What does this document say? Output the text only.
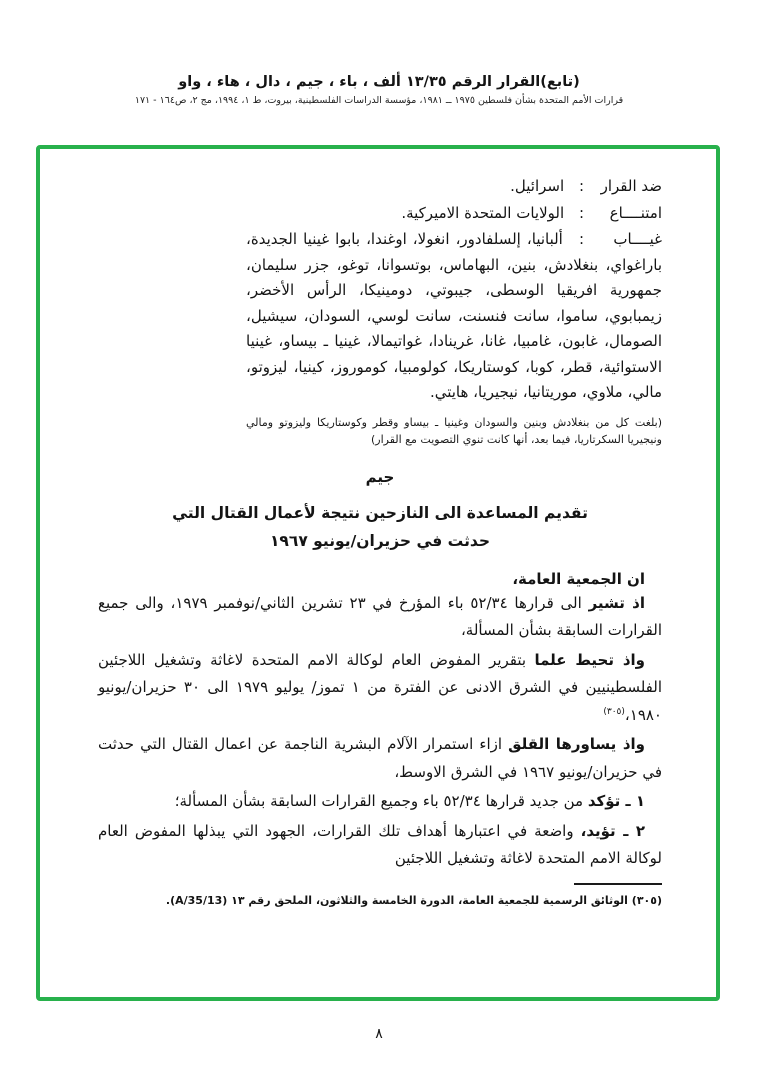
(تابع)القرار الرقم ١٣/٣٥ ألف ، باء ، جيم ، دال ، هاء ، واو
قرارات الأمم المتحدة بشأن فلسطين ١٩٧٥ ــ ١٩٨١، مؤسسة الدراسات الفلسطينية، بيروت، ط ١، ١٩٩٤، مج ٢، ص١٦٤ - ١٧١
ضد القرار: اسرائيل.
امتنــــاع: الولايات المتحدة الاميركية.

غيــــاب: ألبانيا، إلسلفادور، انغولا، اوغندا، بابوا غينيا الجديدة، باراغواي، بنغلادش، بنين، البهاماس، بوتسوانا، توغو، جزر سليمان، جمهورية افريقيا الوسطى، جيبوتي، دومينيكا، الرأس الأخضر، زيمبابوي، ساموا، سانت فنسنت، سانت لوسي، السودان، سيشيل، الصومال، غابون، غامبيا، غانا، غرينادا، غواتيمالا، غينيا ـ بيساو، غينيا الاستوائية، قطر، كوبا، كوستاريكا، كولومبيا، كوموروز، كينيا، ليزوتو، مالي، ملاوي، موريتانيا، نيجيريا، هايتي.

(بلغت كل من بنغلادش وبنين والسودان وغينيا ـ بيساو وقطر وكوستاريكا وليزوتو ومالي ونيجيريا السكرتاريا، فيما بعد، أنها كانت تنوي التصويت مع القرار)

جيم
تقديم المساعدة الى النازحين نتيجة لأعمال القتال التي
حدثت في حزيران/يونيو ١٩٦٧

ان الجمعية العامة،

اذ تشير الى قرارها ٥٢/٣٤ باء المؤرخ في ٢٣ تشرين الثاني/نوفمبر ١٩٧٩، والى جميع القرارات السابقة بشأن المسألة،

واذ تحيط علما بتقرير المفوض العام لوكالة الامم المتحدة لاغاثة وتشغيل اللاجئين الفلسطينيين في الشرق الادنى عن الفترة من ١ تموز/ يوليو ١٩٧٩ الى ٣٠ حزيران/يونيو ١٩٨٠،$^{(٣٠٥)}$

واذ يساورها القلق ازاء استمرار الآلام البشرية الناجمة عن اعمال القتال التي حدثت في حزيران/يونيو ١٩٦٧ في الشرق الاوسط،

١ ـ تؤكد من جديد قرارها ٥٢/٣٤ باء وجميع القرارات السابقة بشأن المسألة؛

٢ ـ تؤيد، واضعة في اعتبارها أهداف تلك القرارات، الجهود التي يبذلها المفوض العام لوكالة الامم المتحدة لاغاثة وتشغيل اللاجئين

(٣٠٥) الوثائق الرسمية للجمعية العامة، الدورة الخامسة والثلاثون، الملحق رقم ١٣ (A/35/13).

٨
